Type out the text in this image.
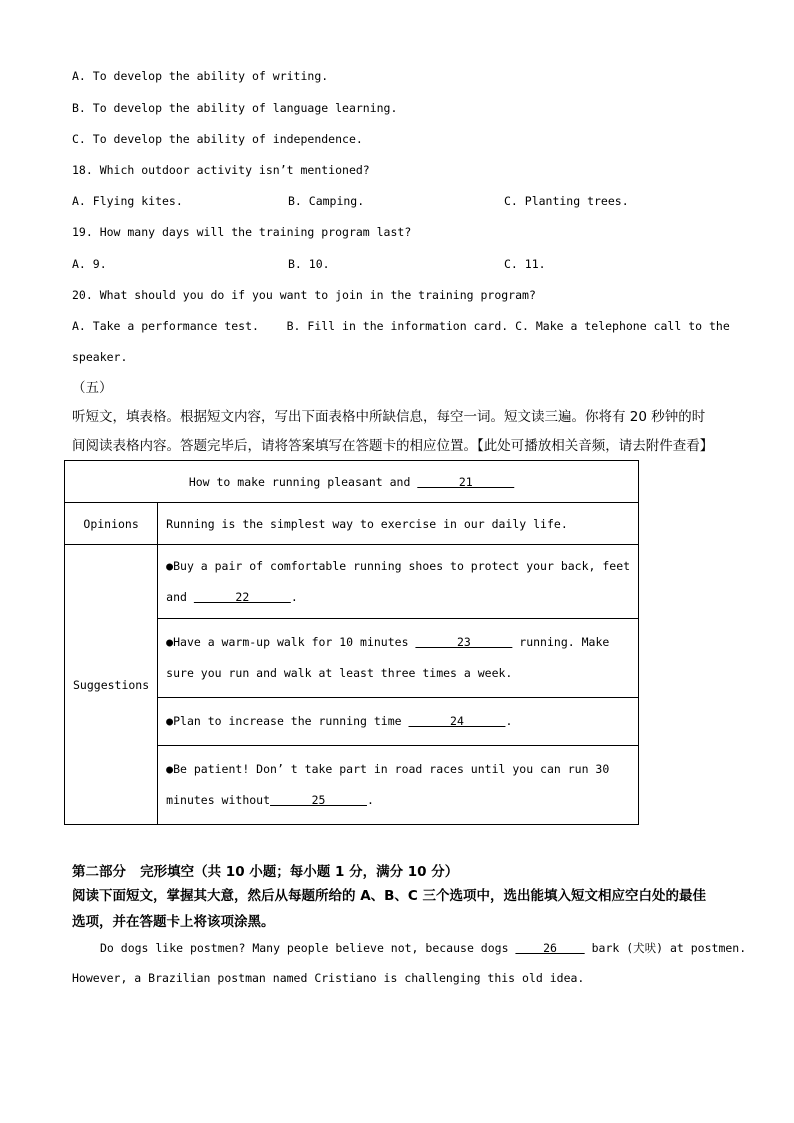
A. To develop the ability of writing.
B. To develop the ability of language learning.
C. To develop the ability of independence.
18. Which outdoor activity isn’t mentioned?
A. Flying kites.	B. Camping.	C. Planting trees.
19. How many days will the training program last?
A. 9.	B. 10.	C. 11.
20. What should you do if you want to join in the training program?
A. Take a performance test.    B. Fill in the information card. C. Make a telephone call to the
speaker.
（五）
听短文，填表格。根据短文内容，写出下面表格中所缺信息，每空一词。短文读三遍。你将有 20 秒钟的时
间阅读表格内容。答题完毕后，请将答案填写在答题卡的相应位置。【此处可播放相关音频，请去附件查看】
How to make running pleasant and       21	
Opinions	Running is the simplest way to exercise in our daily life.
Suggestions	●Buy a pair of comfortable running shoes to protect your back, feet
and       22      .

	●Have a warm-up walk for 10 minutes       23       running. Make
sure you run and walk at least three times a week.

	●Plan to increase the running time       24      .

	●Be patient! Don’ t take part in road races until you can run 30
minutes without      25      .
第二部分   完形填空（共 10 小题；每小题 1 分，满分 10 分）
阅读下面短文，掌握其大意，然后从每题所给的 A、B、C 三个选项中，选出能填入短文相应空白处的最佳
选项，并在答题卡上将该项涂黑。
Do dogs like postmen? Many people believe not, because dogs     26     bark (犬吠) at postmen.
However, a Brazilian postman named Cristiano is challenging this old idea.
